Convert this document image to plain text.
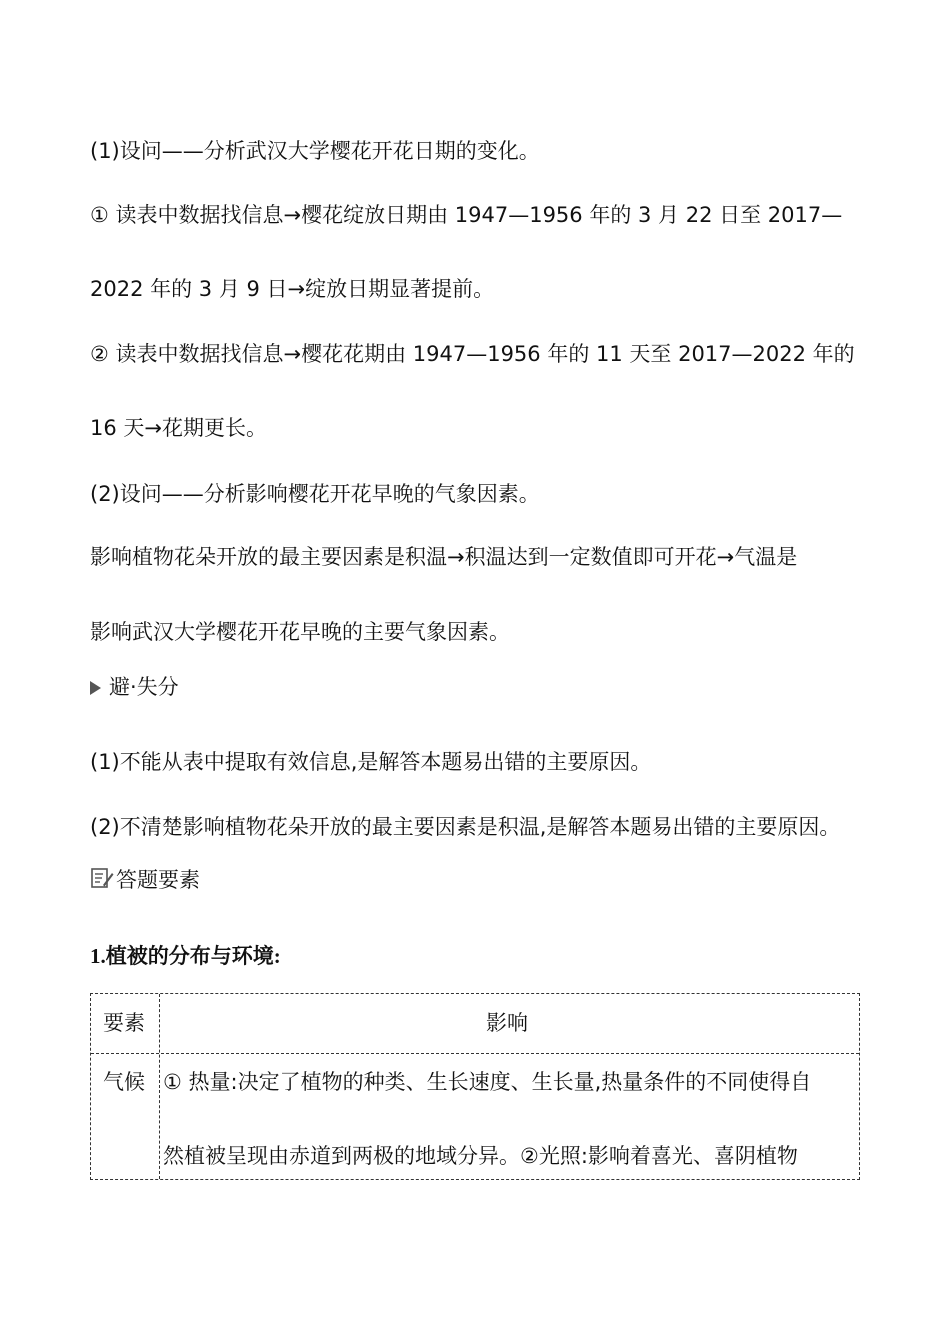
(1)设问——分析武汉大学樱花开花日期的变化。
① 读表中数据找信息→樱花绽放日期由 1947—1956 年的 3 月 22 日至 2017—
2022 年的 3 月 9 日→绽放日期显著提前。
② 读表中数据找信息→樱花花期由 1947—1956 年的 11 天至 2017—2022 年的
16 天→花期更长。
(2)设问——分析影响樱花开花早晚的气象因素。
影响植物花朵开放的最主要因素是积温→积温达到一定数值即可开花→气温是
影响武汉大学樱花开花早晚的主要气象因素。
避·失分
(1)不能从表中提取有效信息,是解答本题易出错的主要原因。
(2)不清楚影响植物花朵开放的最主要因素是积温,是解答本题易出错的主要原因。
答题要素
1.植被的分布与环境:
要素	影响
气候 ① 热量:决定了植物的种类、生长速度、生长量,热量条件的不同使得自
然植被呈现由赤道到两极的地域分异。②光照:影响着喜光、喜阴植物
